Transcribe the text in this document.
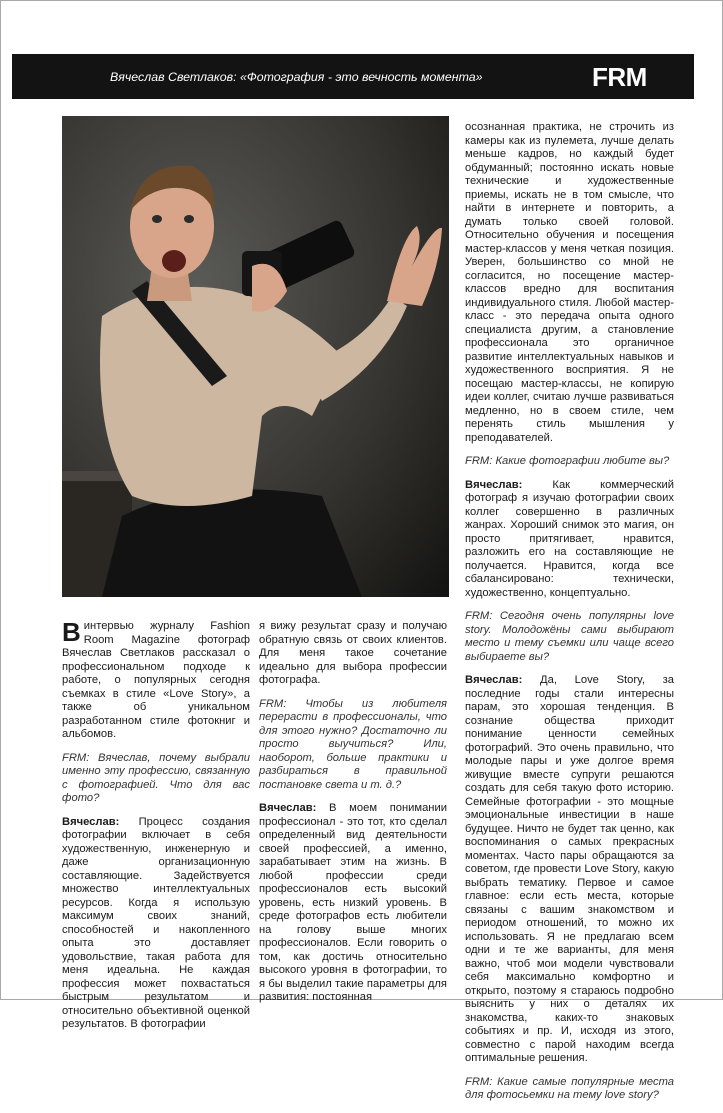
Вячеслав Светлаков: «Фотография - это вечность момента»	FRM

В интервью журналу Fashion Room Magazine фотограф Вячеслав Светлаков рассказал о профессиональном подходе к работе, о популярных сегодня съемках в стиле «Love Story», а также об уникальном разработанном стиле фотокниг и альбомов.

FRM: Вячеслав, почему выбрали именно эту профессию, связанную с фотографией. Что для вас фото?

Вячеслав: Процесс создания фотографии включает в себя художественную, инженерную и даже организационную составляющие. Задействуется множество интеллектуальных ресурсов. Когда я использую максимум своих знаний, способностей и накопленного опыта это доставляет удовольствие, такая работа для меня идеальна. Не каждая профессия может похвастаться быстрым результатом и относительно объективной оценкой результатов. В фотографии

я вижу результат сразу и получаю обратную связь от своих клиентов. Для меня такое сочетание идеально для выбора профессии фотографа.

FRM: Чтобы из любителя перерасти в профессионалы, что для этого нужно? Достаточно ли просто выучиться? Или, наоборот, больше практики и разбираться в правильной постановке света и т. д.?

Вячеслав: В моем понимании профессионал - это тот, кто сделал определенный вид деятельности своей профессией, а именно, зарабатывает этим на жизнь. В любой профессии среди профессионалов есть высокий уровень, есть низкий уровень. В среде фотографов есть любители на голову выше многих профессионалов. Если говорить о том, как достичь относительно высокого уровня в фотографии, то я бы выделил такие параметры для развития: постоянная

осознанная практика, не строчить из камеры как из пулемета, лучше делать меньше кадров, но каждый будет обдуманный; постоянно искать новые технические и художественные приемы, искать не в том смысле, что найти в интернете и повторить, а думать только своей головой. Относительно обучения и посещения мастер-классов у меня четкая позиция. Уверен, большинство со мной не согласится, но посещение мастер-классов вредно для воспитания индивидуального стиля. Любой мастер-класс - это передача опыта одного специалиста другим, а становление профессионала это органичное развитие интеллектуальных навыков и художественного восприятия. Я не посещаю мастер-классы, не копирую идеи коллег, считаю лучше развиваться медленно, но в своем стиле, чем перенять стиль мышления у преподавателей.

FRM: Какие фотографии любите вы?

Вячеслав: Как коммерческий фотограф я изучаю фотографии своих коллег совершенно в различных жанрах. Хороший снимок это магия, он просто притягивает, нравится, разложить его на составляющие не получается. Нравится, когда все сбалансировано: технически, художественно, концептуально.

FRM: Сегодня очень популярны love story. Молодожёны сами выбирают место и тему съемки или чаще всего выбираете вы?

Вячеслав: Да, Love Story, за последние годы стали интересны парам, это хорошая тенденция. В сознание общества приходит понимание ценности семейных фотографий. Это очень правильно, что молодые пары и уже долгое время живущие вместе супруги решаются создать для себя такую фото историю. Семейные фотографии - это мощные эмоциональные инвестиции в наше будущее. Ничто не будет так ценно, как воспоминания о самых прекрасных моментах. Часто пары обращаются за советом, где провести Love Story, какую выбрать тематику. Первое и самое главное: если есть места, которые связаны с вашим знакомством и периодом отношений, то можно их использовать. Я не предлагаю всем одни и те же варианты, для меня важно, чтоб мои модели чувствовали себя максимально комфортно и открыто, поэтому я стараюсь подробно выяснить у них о деталях их знакомства, каких-то знаковых событиях и пр. И, исходя из этого, совместно с парой находим всегда оптимальные решения.

FRM: Какие самые популярные места для фотосьемки на тему love story?
